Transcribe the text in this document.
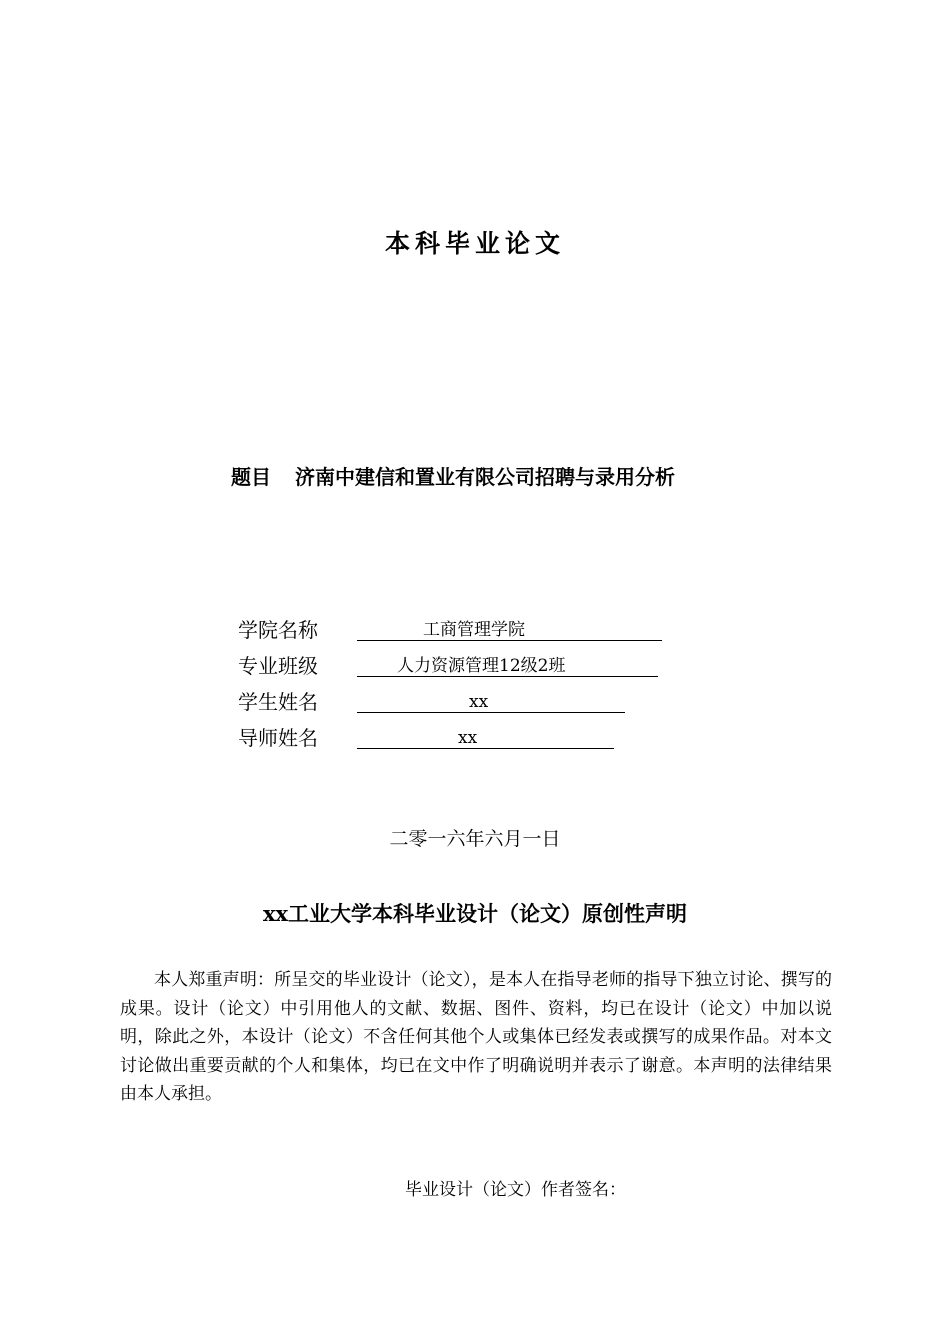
本科毕业论文
题目 济南中建信和置业有限公司招聘与录用分析
学院名称	工商管理学院
专业班级	人力资源管理12级2班
学生姓名	xx
导师姓名	xx
二零一六年六月一日
xx工业大学本科毕业设计（论文）原创性声明

本人郑重声明：所呈交的毕业设计（论文），是本人在指导老师的指导下独立讨论、撰写的成果。设计（论文）中引用他人的文献、数据、图件、资料，均已在设计（论文）中加以说明，除此之外，本设计（论文）不含任何其他个人或集体已经发表或撰写的成果作品。对本文讨论做出重要贡献的个人和集体，均已在文中作了明确说明并表示了谢意。本声明的法律结果由本人承担。

毕业设计（论文）作者签名：
